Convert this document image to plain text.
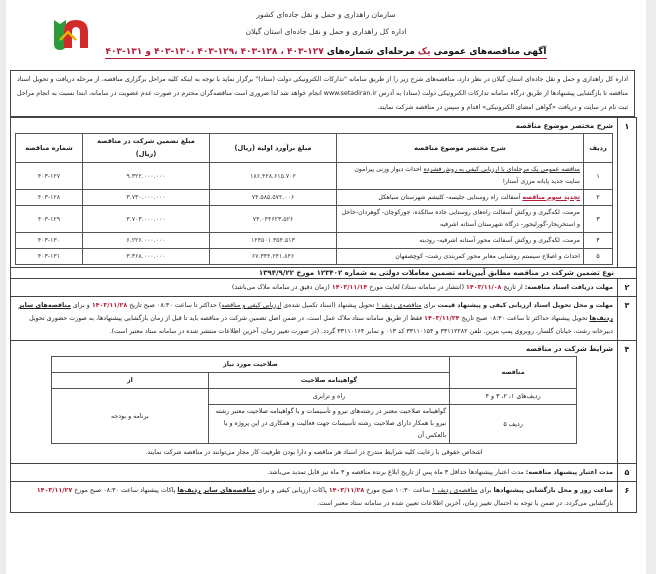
سازمان راهداری و حمل و نقل جاده‌ای کشور
اداره کل راهداری و حمل و نقل جاده‌ای استان گیلان
آگهی مناقصه‌های عمومی یک مرحله‌ای شماره‌های ۱۲۷-۴۰۳ ، ۱۲۸-۴۰۳ ،۱۲۹-۴۰۳ ،۱۳۰-۴۰۳ و ۱۳۱-۴۰۳
اداره کل راهداری و حمل و نقل جاده‌ای استان گیلان در نظر دارد، مناقصه‌های شرح زیر را از طریق سامانه "تدارکات الکترونیکی دولت (ستاد)" برگزار نماید با توجه به اینکه کلیه مراحل برگزاری مناقصه، از مرحله دریافت و تحویل اسناد مناقصه تا بازگشایی پیشنهادها از طریق درگاه سامانه تدارکات الکترونیکی دولت (ستاد) به آدرس www.setadiran.ir انجام خواهد شد لذا ضروری است مناقصه‌گران محترم در صورت عدم عضویت در سامانه، ابتدا نسبت به انجام مراحل ثبت نام در سایت و دریافت «گواهی امضای الکترونیکی» اقدام و سپس در مناقصه شرکت نمایند.
۱
شرح مختصر موضوع مناقصه
ردیف	شرح مختصر موضوع مناقصه	مبلغ برآورد اولیه (ریال)	مبلغ تضمین شرکت در مناقصه (ریال)	شماره مناقصه
۱	مناقصه عمومی یک مرحله‌ای با ارزیابی کیفی به روش فشرده احداث دیوار وزنی پیرامون سایت جدید پایانه مرزی آستارا	۱۸۶.۴۲۸.۶۱۵.۷۰۲	۹.۳۲۲.۰۰۰.۰۰۰	۴۰۳-۱۲۷
۲	تجدید سوم مناقصه آسفالت راه روستایی جلیسه- کلیشم شهرستان سیاهکل	۷۴.۵۸۵.۵۷۲.۰۰۶	۳.۷۳۰.۰۰۰.۰۰۰	۴۰۳-۱۲۸
۳	مرمت، لکه‌گیری و روکش آسفالت راه‌های روستایی جاده سالکده، جورکوچان- گوهردان-خاخل و استخریجار-گورلیجور- درگاه شهرستان آستانه اشرفیه	۷۴.۰۴۴۶۲۳.۵۲۶	۳.۷۰۳.۰۰۰.۰۰۰	۴۰۳-۱۲۹
۴	مرمت، لکه‌گیری و روکش آسفالت محور آستانه اشرفیه- رودبنه	۱۲۴۵۰۱.۳۵۴.۵۱۳	۶.۲۲۶.۰۰۰.۰۰۰	۴۰۳-۱۳۰
۵	احداث و اصلاح سیستم روشنایی معابر محور کمربندی رشت- کوچصفهان	۶۷.۳۴۴.۲۴۱.۸۴۶	۳.۳۶۸.۰۰۰.۰۰۰	۴۰۳-۱۳۱
نوع تضمین شرکت در مناقصه مطابق آیین‌نامه تضمین معاملات دولتی به شماره ۱۲۳۴۰۲ مورخ ۱۳۹۴/۹/۲۲
۲
مهلت دریافت اسناد مناقصه: از تاریخ ۱۴۰۳/۱۱/۰۸ (انتشار در سامانه ستاد) لغایت مورخ ۱۴۰۳/۱۱/۱۴ (زمان دقیق در سامانه ملاک می‌باشد)
۳
مهلت و محل تحویل اسناد ارزیابی کیفی و پیشنهاد قیمت برای مناقصه‌ی ردیف ۱ تحویل پیشنهاد (اسناد تکمیل شده‌ی ارزیابی کیفی و مناقصه) حداکثر تا ساعت ۰۸:۳۰ صبح تاریخ ۱۴۰۳/۱۱/۲۸ و برای مناقصه‌های سایر ردیف‌ها تحویل پیشنهاد حداکثر تا ساعت ۰۸:۳۰ صبح تاریخ ۱۴۰۳/۱۱/۲۴ فقط از طریق سامانه ستاد ملاک عمل است. در ضمن اصل تضمین شرکت در مناقصه باید تا قبل از زمان بازگشایی پیشنهادها، به صورت حضوری تحویل دبیرخانه رشت، خیابان گلسار، روبروی پمپ بنزین. تلفن ۳۳۱۱۲۲۸۲ و ۳۳۱۱۰۱۵۴ کد ۰۱۳ و نمابر ۳۳۱۱۰۱۶۴ گردد. (در صورت تغییر زمان، آخرین اطلاعات منتشر شده در سامانه ستاد معتبر است).
۴
شرایط شرکت در مناقصه
مناقصه	صلاحیت مورد نیاز	
	گواهینامه صلاحیت	از
ردیف‌های ۱، ۲، ۳ و ۴	راه و ترابری	برنامه و بودجه
ردیف ۵	گواهینامه صلاحیت معتبر در رشته‌های نیرو و تأسیسات و یا گواهینامه صلاحیت معتبر رشته نیرو با همکار دارای صلاحیت رشته تأسیسات جهت فعالیت و همکاری در این پروژه و یا بالعکس آن	
اشخاص حقوقی با رعایت کلیه شرایط مندرج در اسناد هر مناقصه و دارا بودن ظرفیت کار مجاز می‌توانند در مناقصه شرکت نمایند.
۵
مدت اعتبار پیشنهاد مناقصه: مدت اعتبار پیشنهادها حداقل ۳ ماه پس از تاریخ ابلاغ برنده مناقصه و ۳ ماه نیز قابل تمدید می‌باشد.
۶
ساعت روز و محل بازگشایی پیشنهادها برای مناقصه‌ی ردیف ۱ ساعت ۱۰:۳۰ صبح مورخ ۱۴۰۳/۱۱/۲۸ پاکات ارزیابی کیفی و برای مناقصه‌های سایر ردیف‌ها پاکات پیشنهاد ساعت ۰۸:۳۰ صبح مورخ ۱۴۰۳/۱۱/۲۷ بازگشایی می‌گردد. در ضمن با توجه به احتمال تغییر زمان، آخرین اطلاعات تعیین شده در سامانه ستاد معتبر است.
